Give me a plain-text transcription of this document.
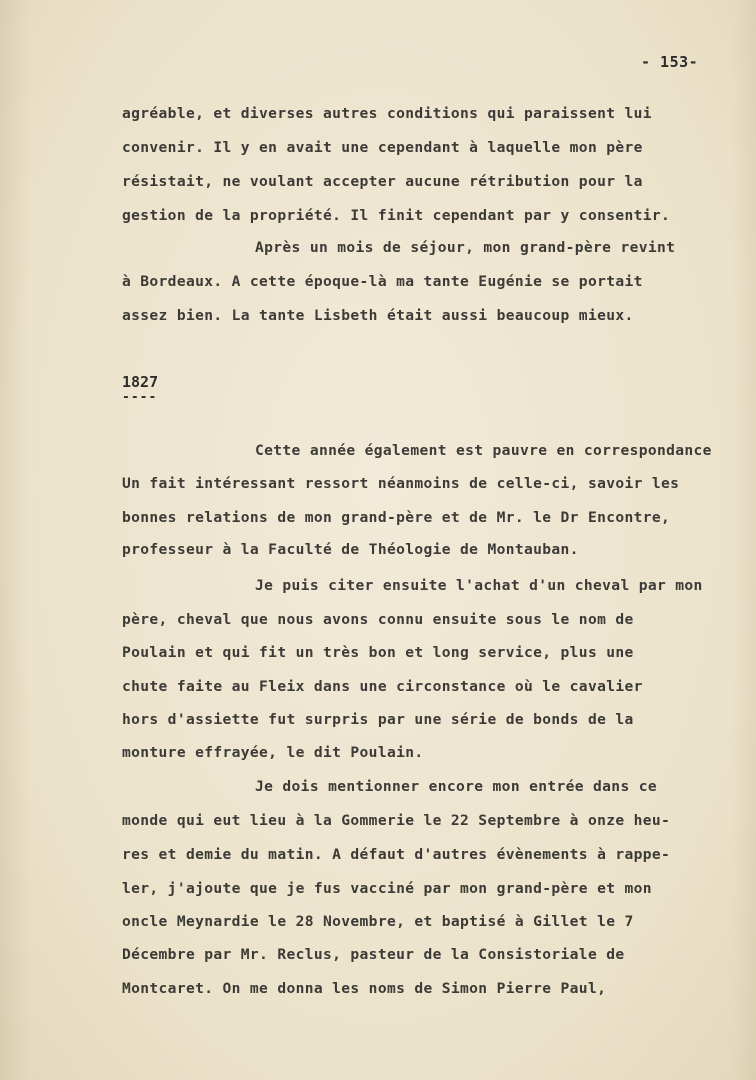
- 153-
agréable, et diverses autres conditions qui paraissent lui
convenir. Il y en avait une cependant à laquelle mon père
résistait, ne voulant accepter aucune rétribution pour la
gestion de la propriété. Il finit cependant par y consentir.
Après un mois de séjour, mon grand-père revint
à Bordeaux. A cette époque-là ma tante Eugénie se portait
assez bien. La tante Lisbeth était aussi beaucoup mieux.
1827
----
Cette année également est pauvre en correspondance
Un fait intéressant ressort néanmoins de celle-ci, savoir les
bonnes relations de mon grand-père et de Mr. le Dr Encontre,
professeur à la Faculté de Théologie de Montauban.
Je puis citer ensuite l'achat d'un cheval par mon
père, cheval que nous avons connu ensuite sous le nom de
Poulain et qui fit un très bon et long service, plus une
chute faite au Fleix dans une circonstance où le cavalier
hors d'assiette fut surpris par une série de bonds de la
monture effrayée, le dit Poulain.
Je dois mentionner encore mon entrée dans ce
monde qui eut lieu à la Gommerie le 22 Septembre à onze heu-
res et demie du matin. A défaut d'autres évènements à rappe-
ler, j'ajoute que je fus vacciné par mon grand-père et mon
oncle Meynardie le 28 Novembre, et baptisé à Gillet le 7
Décembre par Mr. Reclus, pasteur de la Consistoriale de
Montcaret. On me donna les noms de Simon Pierre Paul,
